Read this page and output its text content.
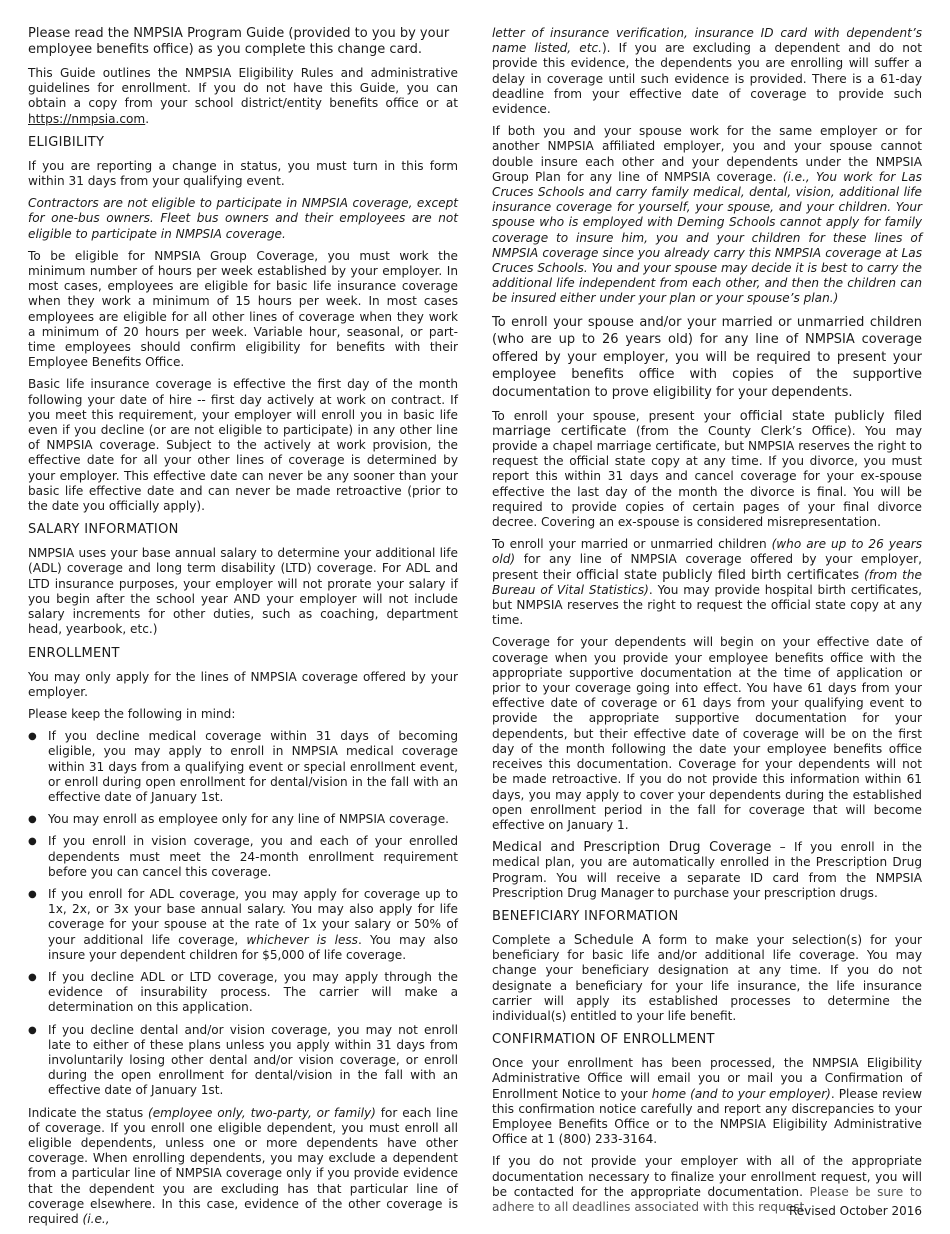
Please read the NMPSIA Program Guide (provided to you by your employee benefits office) as you complete this change card.

This Guide outlines the NMPSIA Eligibility Rules and administrative guidelines for enrollment. If you do not have this Guide, you can obtain a copy from your school district/entity benefits office or at https://nmpsia.com.

ELIGIBILITY

If you are reporting a change in status, you must turn in this form within 31 days from your qualifying event.

Contractors are not eligible to participate in NMPSIA coverage, except for one-bus owners. Fleet bus owners and their employees are not eligible to participate in NMPSIA coverage.

To be eligible for NMPSIA Group Coverage, you must work the minimum number of hours per week established by your employer. In most cases, employees are eligible for basic life insurance coverage when they work a minimum of 15 hours per week. In most cases employees are eligible for all other lines of coverage when they work a minimum of 20 hours per week. Variable hour, seasonal, or part-time employees should confirm eligibility for benefits with their Employee Benefits Office.

Basic life insurance coverage is effective the first day of the month following your date of hire -- first day actively at work on contract. If you meet this requirement, your employer will enroll you in basic life even if you decline (or are not eligible to participate) in any other line of NMPSIA coverage. Subject to the actively at work provision, the effective date for all your other lines of coverage is determined by your employer. This effective date can never be any sooner than your basic life effective date and can never be made retroactive (prior to the date you officially apply).

SALARY INFORMATION

NMPSIA uses your base annual salary to determine your additional life (ADL) coverage and long term disability (LTD) coverage. For ADL and LTD insurance purposes, your employer will not prorate your salary if you begin after the school year AND your employer will not include salary increments for other duties, such as coaching, department head, yearbook, etc.)

ENROLLMENT

You may only apply for the lines of NMPSIA coverage offered by your employer.

Please keep the following in mind:

● If you decline medical coverage within 31 days of becoming eligible, you may apply to enroll in NMPSIA medical coverage within 31 days from a qualifying event or special enrollment event, or enroll during open enrollment for dental/vision in the fall with an effective date of January 1st.
● You may enroll as employee only for any line of NMPSIA coverage.
● If you enroll in vision coverage, you and each of your enrolled dependents must meet the 24-month enrollment requirement before you can cancel this coverage.
● If you enroll for ADL coverage, you may apply for coverage up to 1x, 2x, or 3x your base annual salary. You may also apply for life coverage for your spouse at the rate of 1x your salary or 50% of your additional life coverage, whichever is less. You may also insure your dependent children for $5,000 of life coverage.
● If you decline ADL or LTD coverage, you may apply through the evidence of insurability process. The carrier will make a determination on this application.
● If you decline dental and/or vision coverage, you may not enroll late to either of these plans unless you apply within 31 days from involuntarily losing other dental and/or vision coverage, or enroll during the open enrollment for dental/vision in the fall with an effective date of January 1st.

Indicate the status (employee only, two-party, or family) for each line of coverage. If you enroll one eligible dependent, you must enroll all eligible dependents, unless one or more dependents have other coverage. When enrolling dependents, you may exclude a dependent from a particular line of NMPSIA coverage only if you provide evidence that the dependent you are excluding has that particular line of coverage elsewhere. In this case, evidence of the other coverage is required (i.e.,

letter of insurance verification, insurance ID card with dependent’s name listed, etc.). If you are excluding a dependent and do not provide this evidence, the dependents you are enrolling will suffer a delay in coverage until such evidence is provided. There is a 61-day deadline from your effective date of coverage to provide such evidence.

If both you and your spouse work for the same employer or for another NMPSIA affiliated employer, you and your spouse cannot double insure each other and your dependents under the NMPSIA Group Plan for any line of NMPSIA coverage. (i.e., You work for Las Cruces Schools and carry family medical, dental, vision, additional life insurance coverage for yourself, your spouse, and your children. Your spouse who is employed with Deming Schools cannot apply for family coverage to insure him, you and your children for these lines of NMPSIA coverage since you already carry this NMPSIA coverage at Las Cruces Schools. You and your spouse may decide it is best to carry the additional life independent from each other, and then the children can be insured either under your plan or your spouse’s plan.)

To enroll your spouse and/or your married or unmarried children (who are up to 26 years old) for any line of NMPSIA coverage offered by your employer, you will be required to present your employee benefits office with copies of the supportive documentation to prove eligibility for your dependents.

To enroll your spouse, present your official state publicly filed marriage certificate (from the County Clerk’s Office). You may provide a chapel marriage certificate, but NMPSIA reserves the right to request the official state copy at any time. If you divorce, you must report this within 31 days and cancel coverage for your ex-spouse effective the last day of the month the divorce is final. You will be required to provide copies of certain pages of your final divorce decree. Covering an ex-spouse is considered misrepresentation.

To enroll your married or unmarried children (who are up to 26 years old) for any line of NMPSIA coverage offered by your employer, present their official state publicly filed birth certificates (from the Bureau of Vital Statistics). You may provide hospital birth certificates, but NMPSIA reserves the right to request the official state copy at any time.

Coverage for your dependents will begin on your effective date of coverage when you provide your employee benefits office with the appropriate supportive documentation at the time of application or prior to your coverage going into effect. You have 61 days from your effective date of coverage or 61 days from your qualifying event to provide the appropriate supportive documentation for your dependents, but their effective date of coverage will be on the first day of the month following the date your employee benefits office receives this documentation. Coverage for your dependents will not be made retroactive. If you do not provide this information within 61 days, you may apply to cover your dependents during the established open enrollment period in the fall for coverage that will become effective on January 1.

Medical and Prescription Drug Coverage – If you enroll in the medical plan, you are automatically enrolled in the Prescription Drug Program. You will receive a separate ID card from the NMPSIA Prescription Drug Manager to purchase your prescription drugs.

BENEFICIARY INFORMATION

Complete a Schedule A form to make your selection(s) for your beneficiary for basic life and/or additional life coverage. You may change your beneficiary designation at any time. If you do not designate a beneficiary for your life insurance, the life insurance carrier will apply its established processes to determine the individual(s) entitled to your life benefit.

CONFIRMATION OF ENROLLMENT

Once your enrollment has been processed, the NMPSIA Eligibility Administrative Office will email you or mail you a Confirmation of Enrollment Notice to your home (and to your employer). Please review this confirmation notice carefully and report any discrepancies to your Employee Benefits Office or to the NMPSIA Eligibility Administrative Office at 1 (800) 233-3164.

If you do not provide your employer with all of the appropriate documentation necessary to finalize your enrollment request, you will be contacted for the appropriate documentation. Please be sure to adhere to all deadlines associated with this request.

Revised October 2016
